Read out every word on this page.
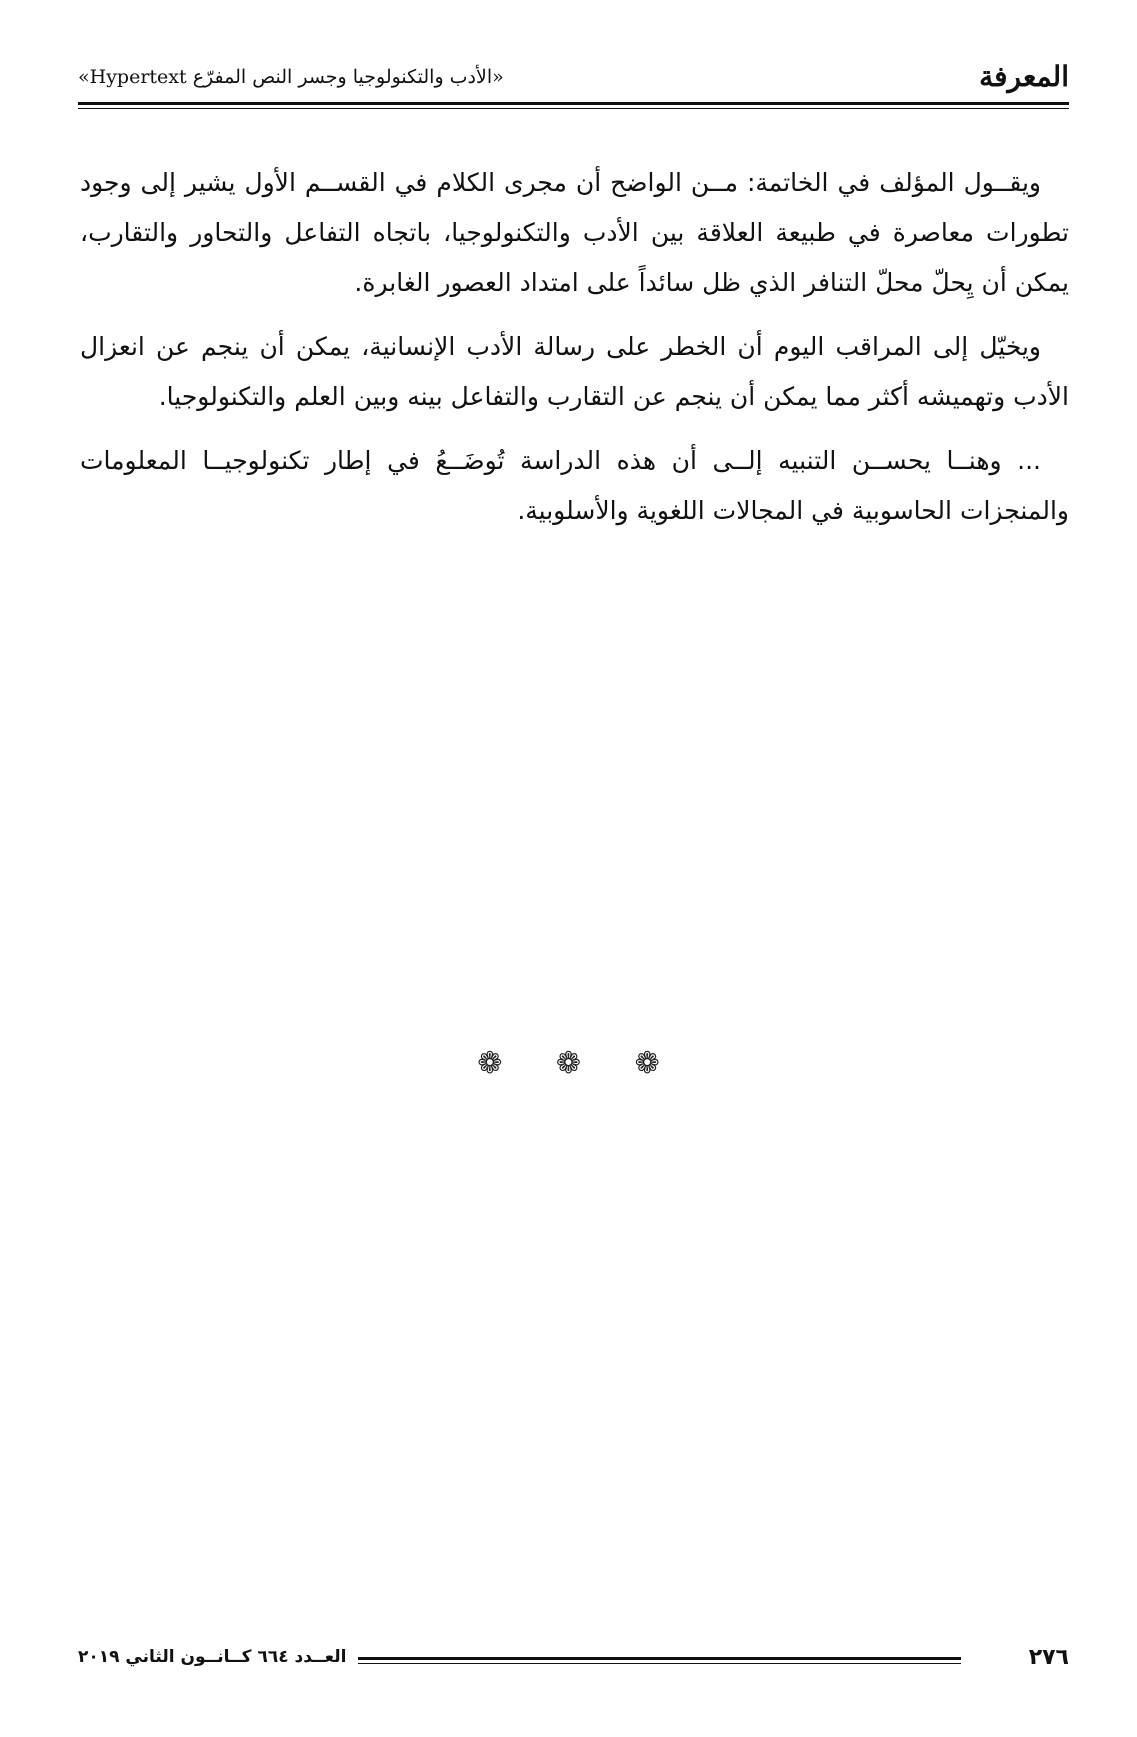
المعرفة
«الأدب والتكنولوجيا وجسر النص المفرّع Hypertext»

ويقــول المؤلف في الخاتمة: مــن الواضح أن مجرى الكلام في القســم الأول يشير إلى وجود تطورات معاصرة في طبيعة العلاقة بين الأدب والتكنولوجيا، باتجاه التفاعل والتحاور والتقارب، يمكن أن يِحلّ محلّ التنافر الذي ظل سائداً على امتداد العصور الغابرة.

ويخيّل إلى المراقب اليوم أن الخطر على رسالة الأدب الإنسانية، يمكن أن ينجم عن انعزال الأدب وتهميشه أكثر مما يمكن أن ينجم عن التقارب والتفاعل بينه وبين العلم والتكنولوجيا.

... وهنــا يحســن التنبيه إلــى أن هذه الدراسة تُوضَــعُ في إطار تكنولوجيــا المعلومات والمنجزات الحاسوبية في المجالات اللغوية والأسلوبية.

❁ ❁ ❁
العــدد ٦٦٤ كــانــون الثاني ٢٠١٩	٢٧٦
